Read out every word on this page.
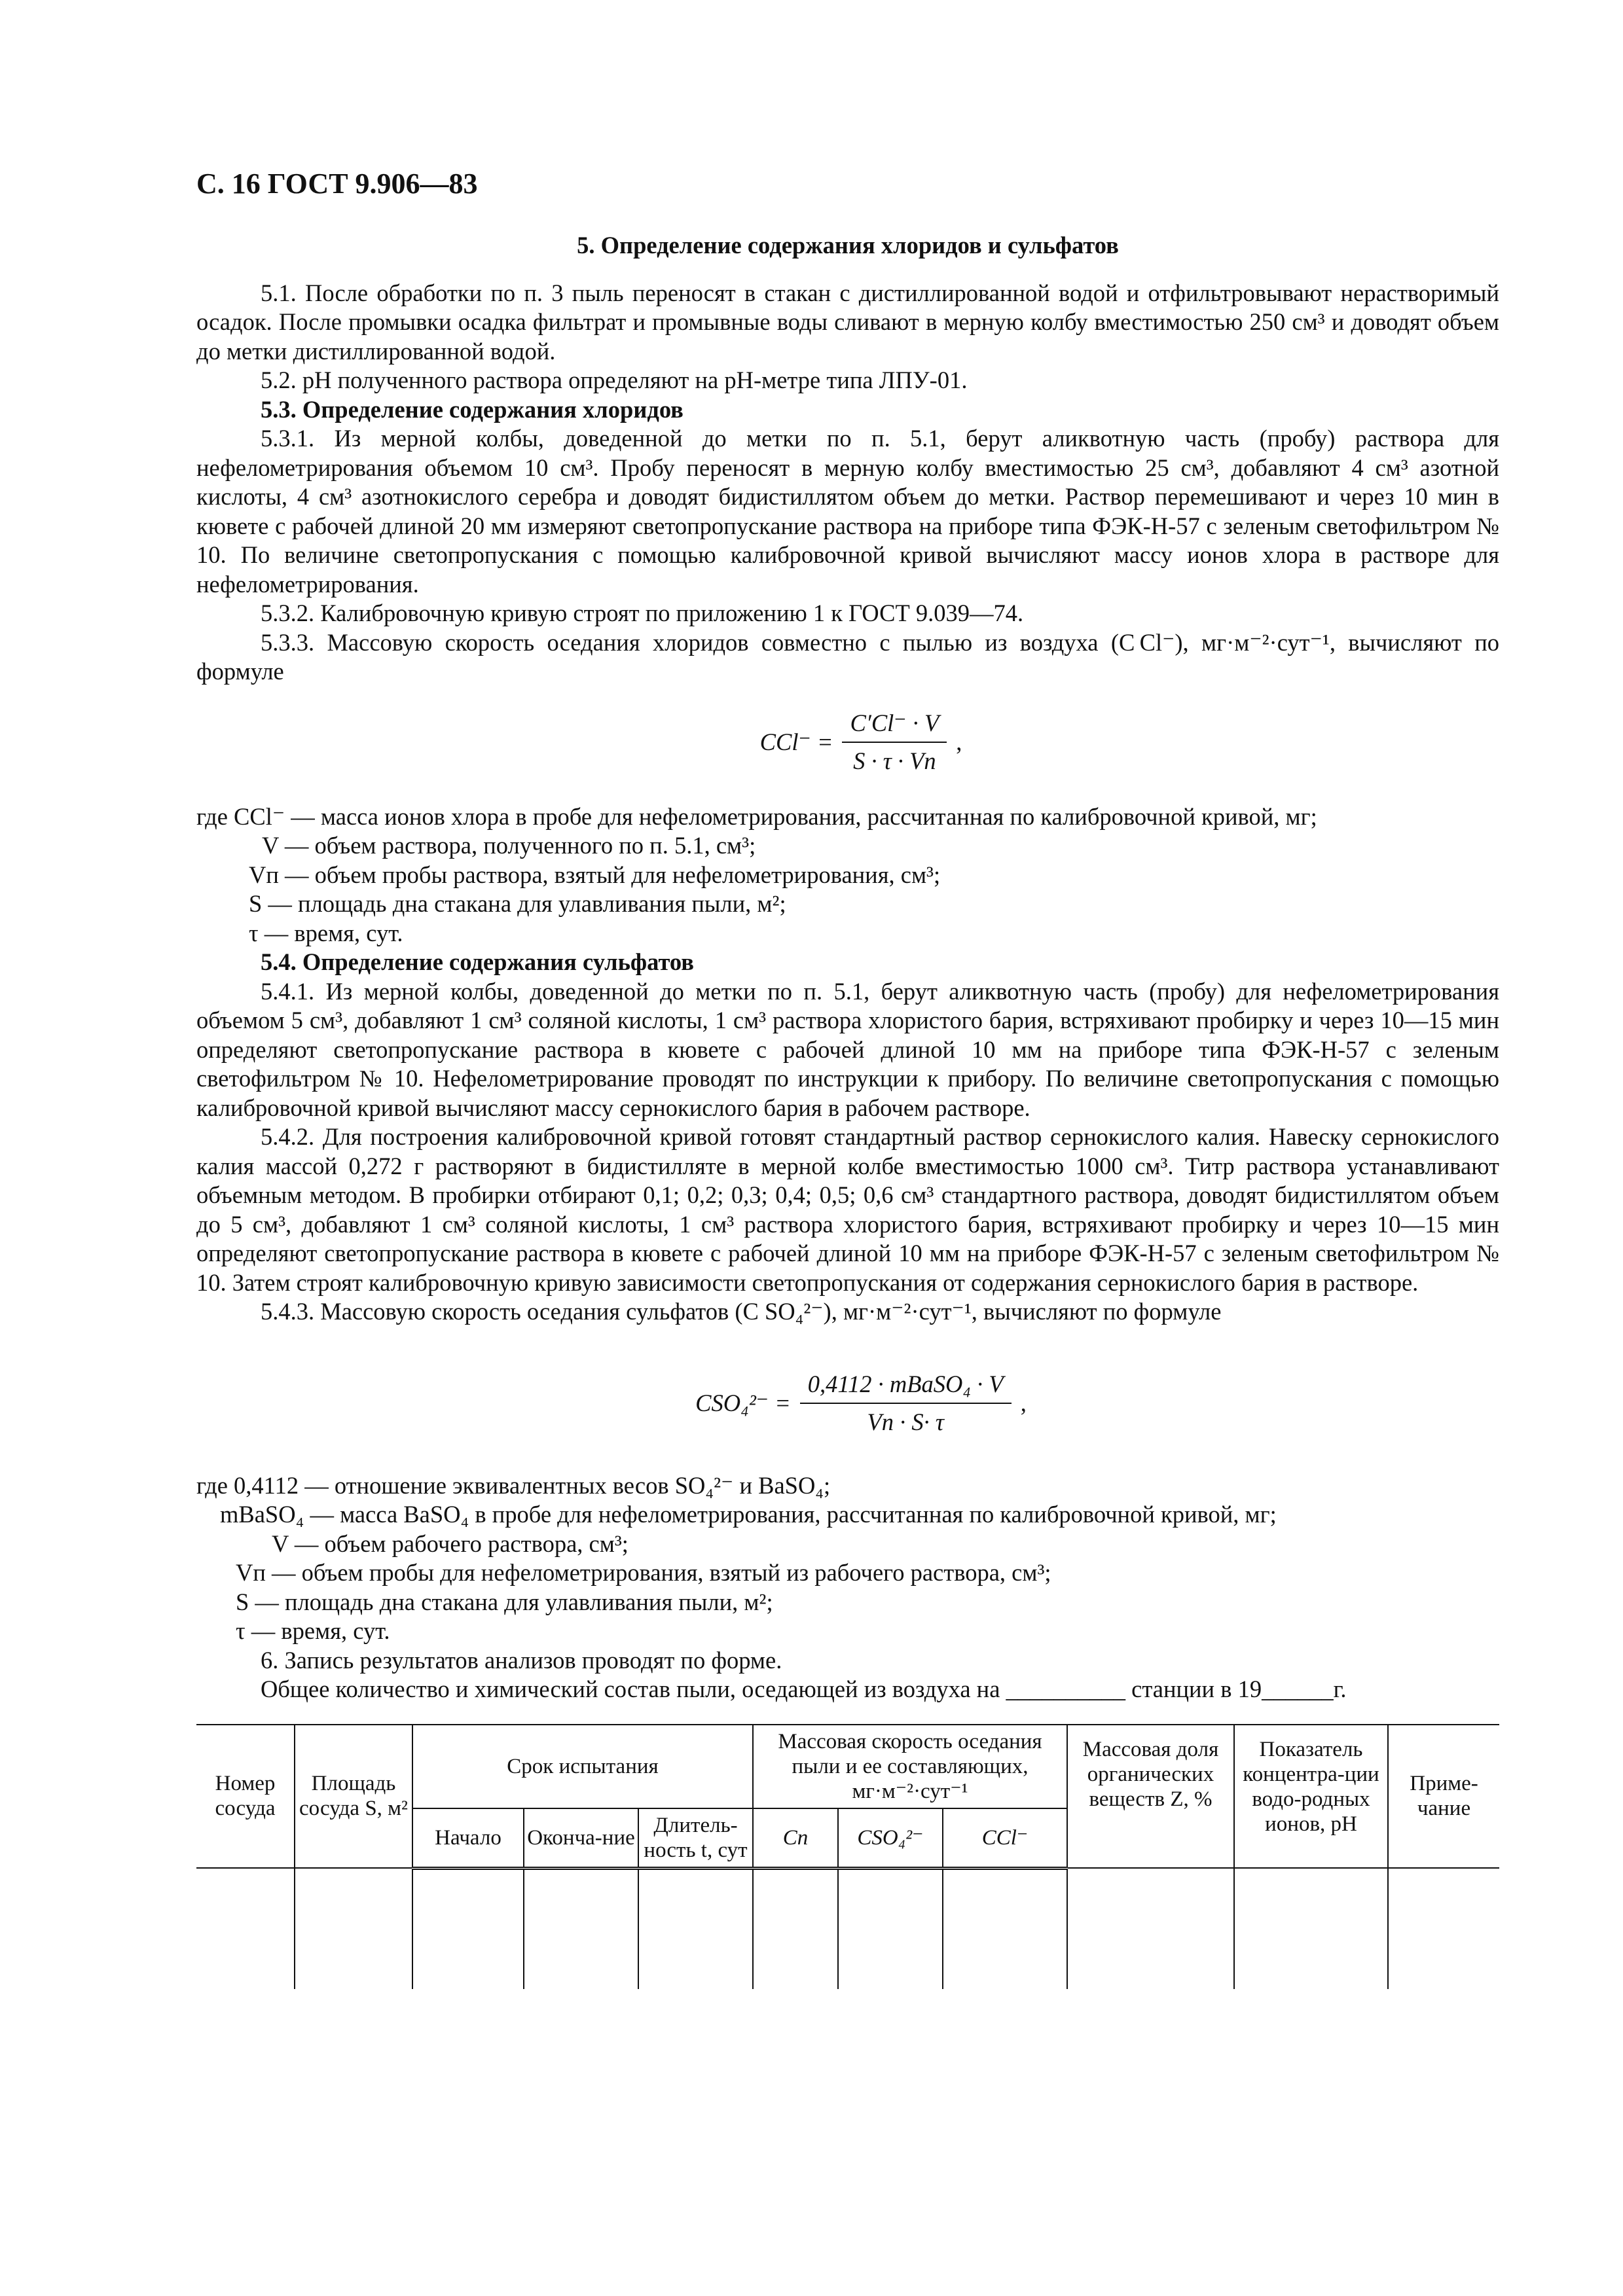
С. 16 ГОСТ 9.906—83
5. Определение содержания хлоридов и сульфатов

5.1. После обработки по п. 3 пыль переносят в стакан с дистиллированной водой и отфильтровывают нерастворимый осадок. После промывки осадка фильтрат и промывные воды сливают в мерную колбу вместимостью 250 см³ и доводят объем до метки дистиллированной водой.

5.2. pH полученного раствора определяют на pH-метре типа ЛПУ-01.

5.3. Определение содержания хлоридов

5.3.1. Из мерной колбы, доведенной до метки по п. 5.1, берут аликвотную часть (пробу) раствора для нефелометрирования объемом 10 см³. Пробу переносят в мерную колбу вместимостью 25 см³, добавляют 4 см³ азотной кислоты, 4 см³ азотнокислого серебра и доводят бидистиллятом объем до метки. Раствор перемешивают и через 10 мин в кювете с рабочей длиной 20 мм измеряют светопропускание раствора на приборе типа ФЭК-Н-57 с зеленым светофильтром № 10. По величине светопропускания с помощью калибровочной кривой вычисляют массу ионов хлора в растворе для нефелометрирования.

5.3.2. Калибровочную кривую строят по приложению 1 к ГОСТ 9.039—74.

5.3.3. Массовую скорость оседания хлоридов совместно с пылью из воздуха (C Cl⁻), мг·м⁻²·сут⁻¹, вычисляют по формуле

$CCl^- = \frac{C'Cl^- \cdot V}{S \cdot \tau \cdot Vп}$ ,

где CCl⁻ — масса ионов хлора в пробе для нефелометрирования, рассчитанная по калибровочной кривой, мг;

V — объем раствора, полученного по п. 5.1, см³;

Vп — объем пробы раствора, взятый для нефелометрирования, см³;

S — площадь дна стакана для улавливания пыли, м²;

τ — время, сут.

5.4. Определение содержания сульфатов

5.4.1. Из мерной колбы, доведенной до метки по п. 5.1, берут аликвотную часть (пробу) для нефелометрирования объемом 5 см³, добавляют 1 см³ соляной кислоты, 1 см³ раствора хлористого бария, встряхивают пробирку и через 10—15 мин определяют светопропускание раствора в кювете с рабочей длиной 10 мм на приборе типа ФЭК-Н-57 с зеленым светофильтром № 10. Нефелометрирование проводят по инструкции к прибору. По величине светопропускания с помощью калибровочной кривой вычисляют массу сернокислого бария в рабочем растворе.

5.4.2. Для построения калибровочной кривой готовят стандартный раствор сернокислого калия. Навеску сернокислого калия массой 0,272 г растворяют в бидистилляте в мерной колбе вместимостью 1000 см³. Титр раствора устанавливают объемным методом. В пробирки отбирают 0,1; 0,2; 0,3; 0,4; 0,5; 0,6 см³ стандартного раствора, доводят бидистиллятом объем до 5 см³, добавляют 1 см³ соляной кислоты, 1 см³ раствора хлористого бария, встряхивают пробирку и через 10—15 мин определяют светопропускание раствора в кювете с рабочей длиной 10 мм на приборе ФЭК-Н-57 с зеленым светофильтром № 10. Затем строят калибровочную кривую зависимости светопропускания от содержания сернокислого бария в растворе.

5.4.3. Массовую скорость оседания сульфатов (C SO₄²⁻), мг·м⁻²·сут⁻¹, вычисляют по формуле

$CSO_4^{2-} = \frac{\text{0,4112 · mBaSO₄ · V}}{Vп \cdot S\cdot \tau}$ ,

где 0,4112 — отношение эквивалентных весов SO₄²⁻ и BaSO₄;

mBaSO₄ — масса BaSO₄ в пробе для нефелометрирования, рассчитанная по калибровочной кривой, мг;

V — объем рабочего раствора, см³;

Vп — объем пробы для нефелометрирования, взятый из рабочего раствора, см³;

S — площадь дна стакана для улавливания пыли, м²;

τ — время, сут.

6. Запись результатов анализов проводят по форме.

Общее количество и химический состав пыли, оседающей из воздуха на __________ станции в 19______г.

Номер сосуда	Площадь сосуда S, м²	Срок испытания			Массовая скорость оседания пыли и ее составляющих, мг·м⁻²·сут⁻¹			Массовая доля органических веществ Z, %	Показатель концентра-ции водо-родных ионов, pH	Приме-чание
		Начало	Оконча-ние	Длитель-ность t, сут	Cп	CSO₄²⁻	CCl⁻			
